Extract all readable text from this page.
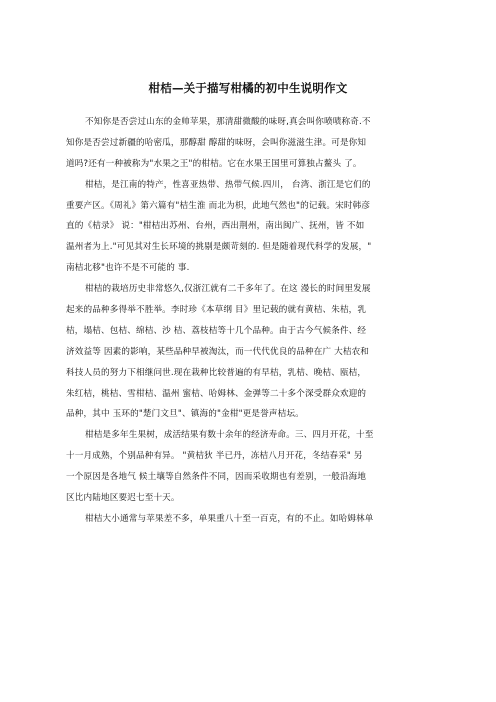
柑桔—关于描写柑橘的初中生说明作文
不知你是否尝过山东的金帅苹果，那清甜微酸的味呀,真会叫你喷啧称奇.不
知你是否尝过新疆的哈密瓜，那醇甜 醇甜的味呀，会叫你滋滋生津。可是你知
道吗?还有一种被称为"水果之王"的柑桔。它在水果王国里可算独占鳌头 了。
柑桔，是江南的特产，性喜亚热带、热带气候.四川， 台湾、浙江是它们的
重要产区。《周礼》第六篇有"桔生淮 而北为枳，此地气然也"的记载。宋时韩彦
直的《桔录》 说："柑桔出苏州、台州，西出荆州，南出闽广、抚州，皆 不如
温州者为上."可见其对生长环境的挑剔是颇苛刻的. 但是随着现代科学的发展，"
南桔北移"也许不是不可能的 事.
柑桔的栽培历史非常悠久,仅浙江就有二千多年了。在这 漫长的时间里发展
起来的品种多得举不胜举。李时珍《本草纲 目》里记载的就有黄桔、朱桔，乳
桔，塌桔、包桔、绵桔、沙 桔、荔枝桔等十几个品种。由于古今气候条件、经
济效益等 因素的影响，某些品种早被淘汰，而一代代优良的品种在广 大桔农和
科技人员的努力下相继问世.现在栽种比较普遍的有早桔，乳桔、晚桔、瓯桔，
朱红桔，桃桔、雪柑桔、温州 蜜桔、哈姆林、金弹等二十多个深受群众欢迎的
品种，其中 玉环的"楚门文旦"、镇海的"金柑"更是誉声桔坛。
柑桔是多年生果树，成活结果有数十余年的经济寿命。三、四月开花，十至
十一月成熟，个别品种有异。 "黄桔狄 半已丹，冻桔八月开花，冬结春采" 另
一个原因是各地气 候土壤等自然条件不同，因而采收期也有差别，一般沿海地
区比内陆地区要迟七至十天。
柑桔大小通常与苹果差不多，单果重八十至一百克，有的不止。如哈姆林单
